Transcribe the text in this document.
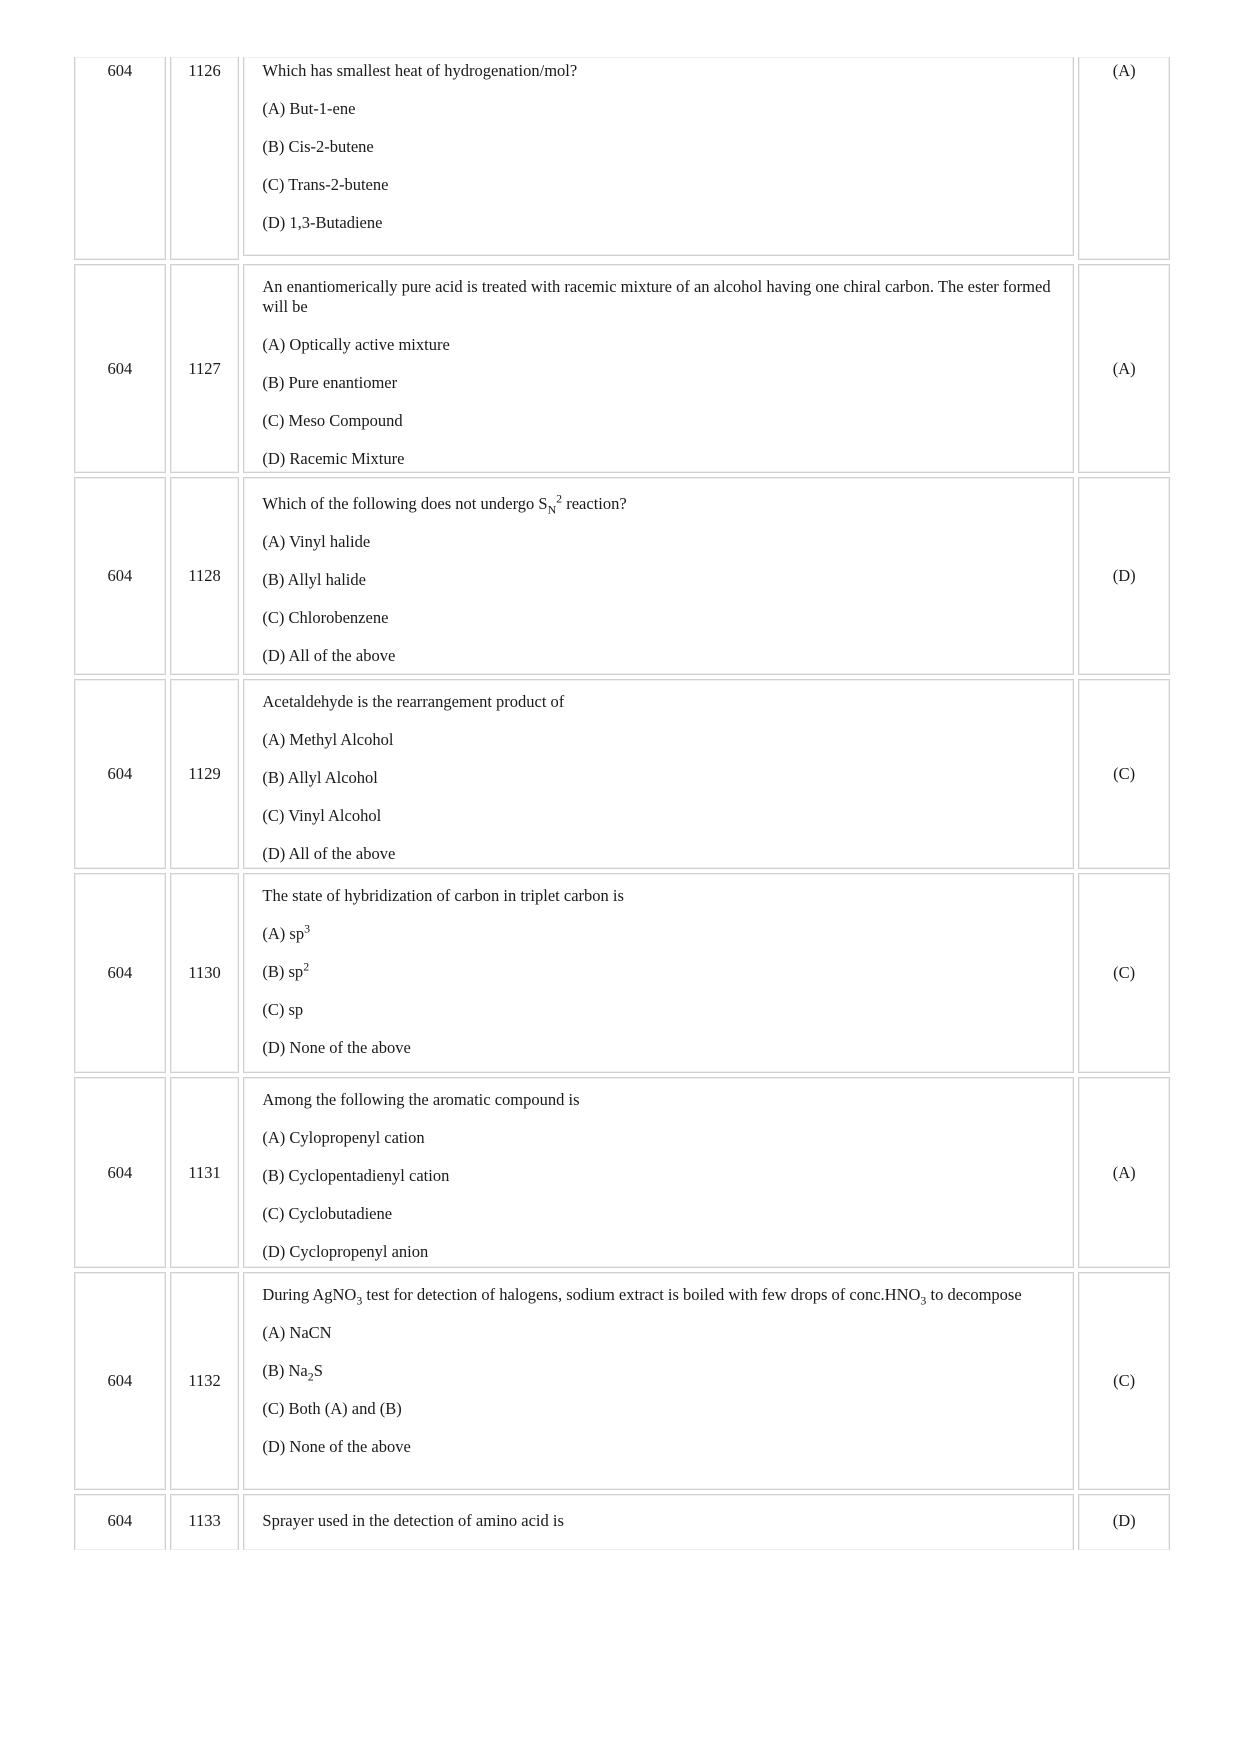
604	1126	Which has smallest heat of hydrogenation/mol?

(A) But-1-ene

(B) Cis-2-butene

(C) Trans-2-butene

(D) 1,3-Butadiene

(A)
604	1127

An enantiomerically pure acid is treated with racemic mixture of an alcohol having one chiral carbon. The ester formed will be

(A) Optically active mixture

(B) Pure enantiomer

(C) Meso Compound

(D) Racemic Mixture

(A)
604	1128

Which of the following does not undergo $S_N^2$ reaction?

(A) Vinyl halide

(B) Allyl halide

(C) Chlorobenzene

(D) All of the above

(D)
604	1129

Acetaldehyde is the rearrangement product of

(A) Methyl Alcohol

(B) Allyl Alcohol

(C) Vinyl Alcohol

(D) All of the above

(C)
604	1130

The state of hybridization of carbon in triplet carbon is

(A) $sp^3$

(B) $sp^2$

(C) sp

(D) None of the above

(C)
604	1131

Among the following the aromatic compound is

(A) Cylopropenyl cation

(B) Cyclopentadienyl cation

(C) Cyclobutadiene

(D) Cyclopropenyl anion

(A)
604	1132

During AgNO$_3$ test for detection of halogens, sodium extract is boiled with few drops of $conc.HNO_3$ to decompose

(A) NaCN

(B) $Na_2S$

(C) Both (A) and (B)

(D) None of the above

(C)
604	1133	Sprayer used in the detection of amino acid is	(D)
